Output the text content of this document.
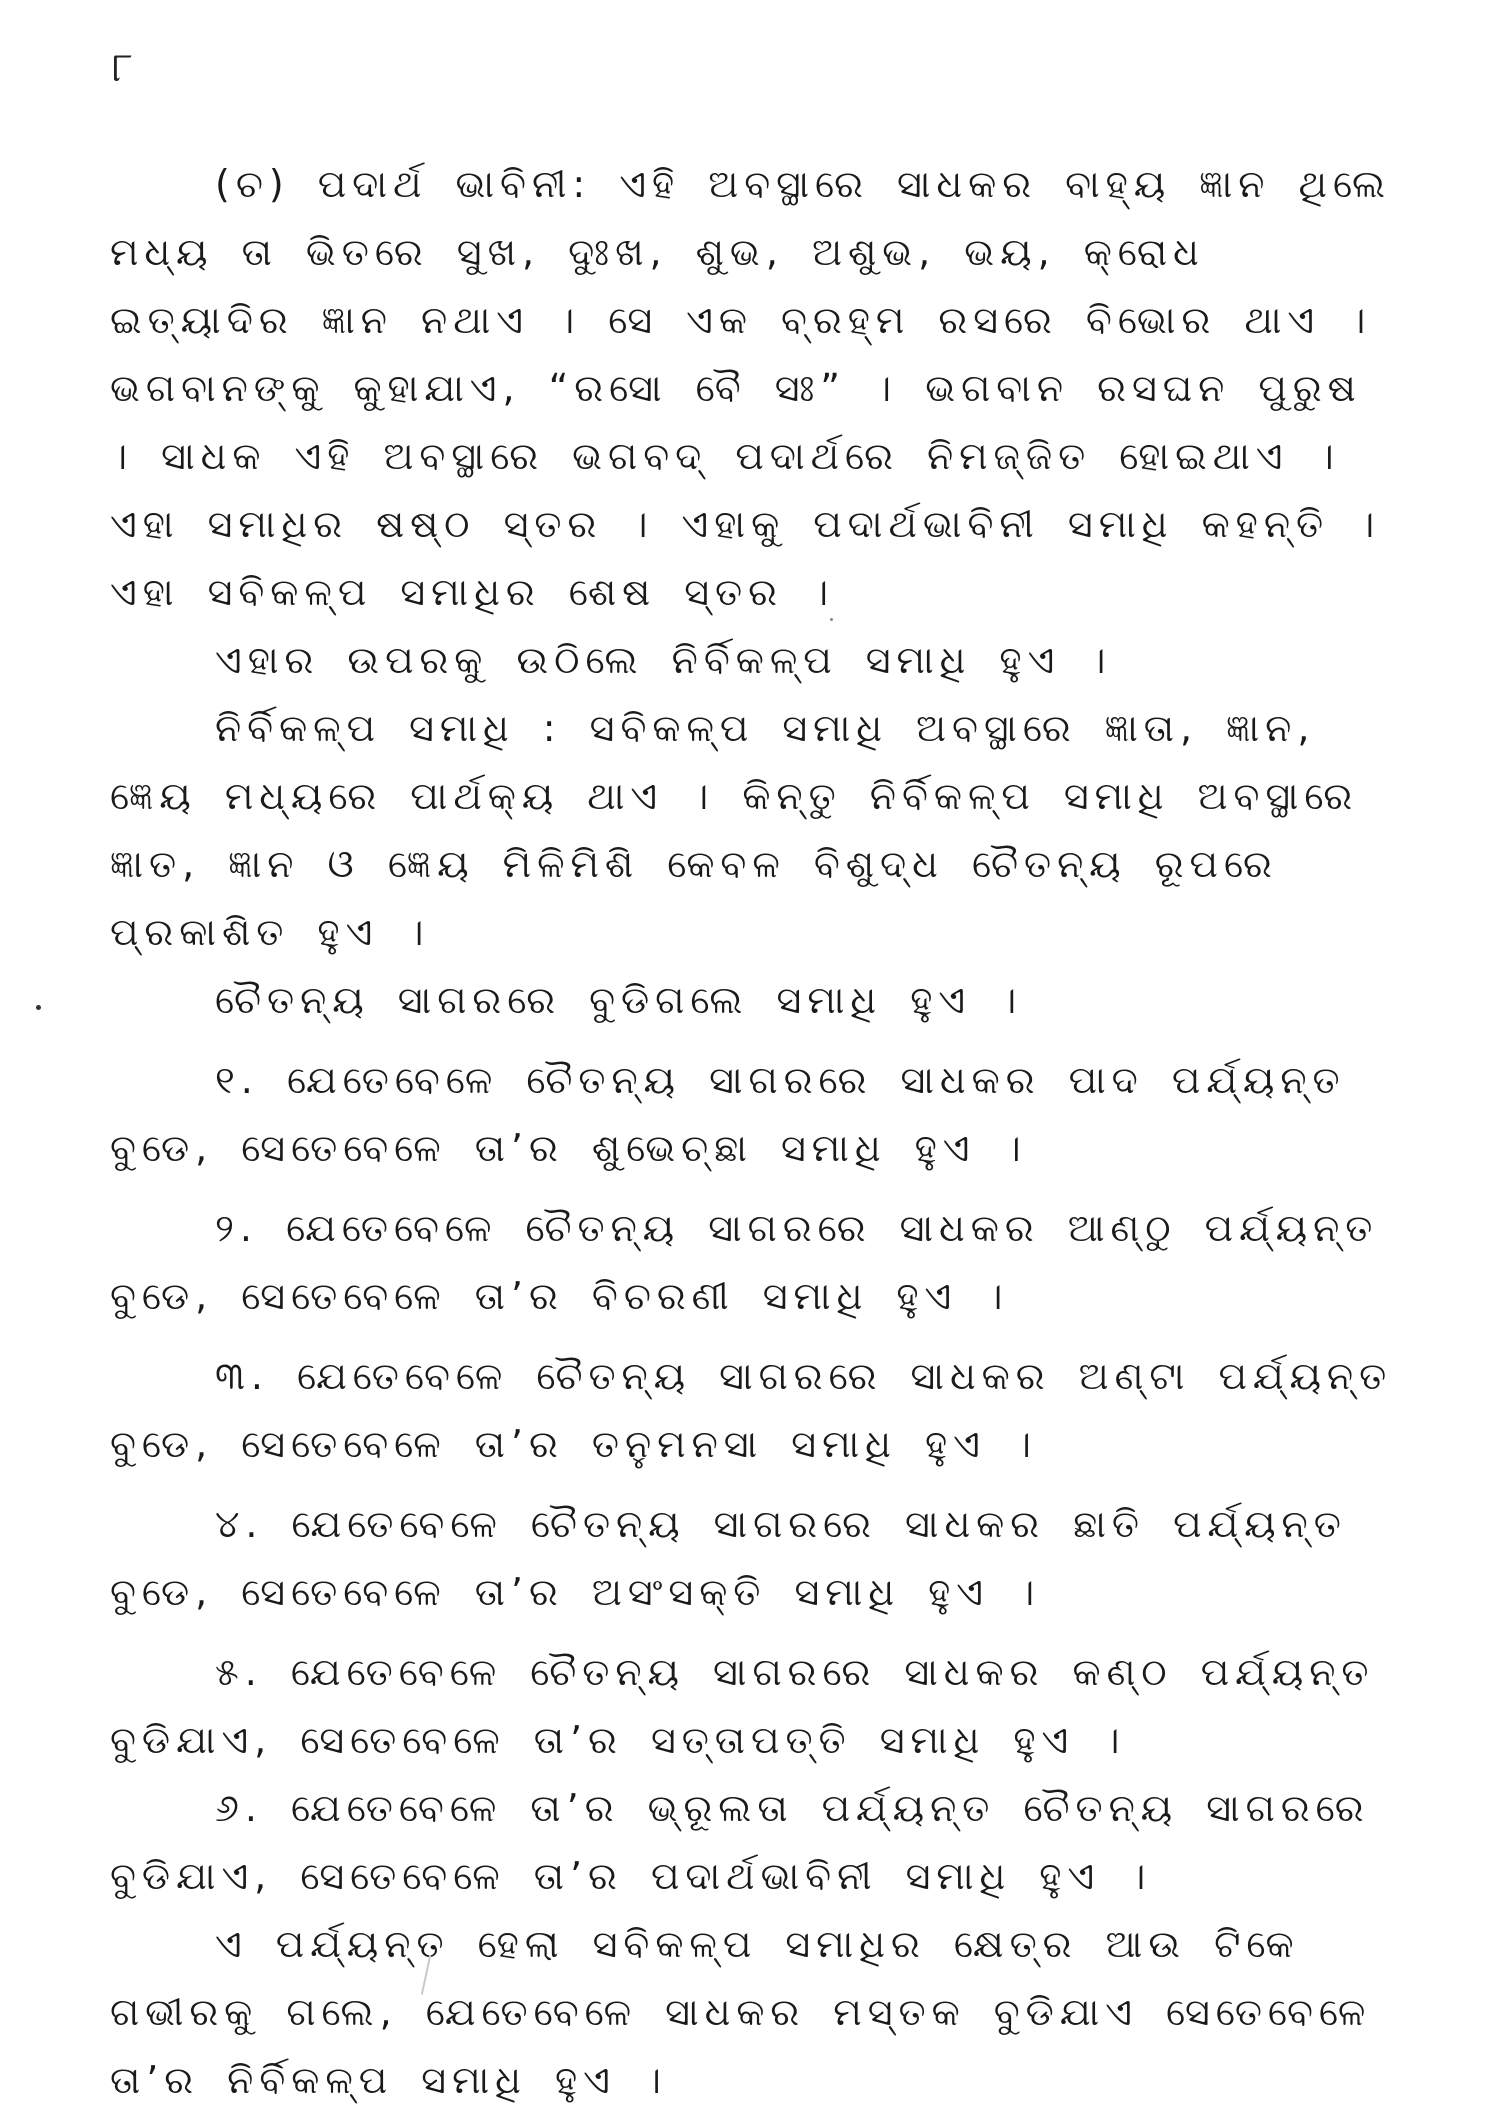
୮

(ଚ) ପଦାର୍ଥ ଭାବିନୀ: ଏହି ଅବସ୍ଥାରେ ସାଧକର ବାହ୍ୟ ଜ୍ଞାନ ଥିଲେ ମଧ୍ୟ ତା ଭିତରେ ସୁଖ, ଦୁଃଖ, ଶୁଭ, ଅଶୁଭ, ଭୟ, କ୍ରୋଧ ଇତ୍ୟାଦିର ଜ୍ଞାନ ନଥାଏ । ସେ ଏକ ବ୍ରହ୍ମ ରସରେ ବିଭୋର ଥାଏ । ଭଗବାନଙ୍କୁ କୁହାଯାଏ, “ରସୋ ବୈ ସଃ” । ଭଗବାନ ରସଘନ ପୁରୁଷ । ସାଧକ ଏହି ଅବସ୍ଥାରେ ଭଗବଦ୍ ପଦାର୍ଥରେ ନିମଜ୍ଜିତ ହୋଇଥାଏ । ଏହା ସମାଧିର ଷଷ୍ଠ ସ୍ତର । ଏହାକୁ ପଦାର୍ଥଭାବିନୀ ସମାଧି କହନ୍ତି । ଏହା ସବିକଳ୍ପ ସମାଧିର ଶେଷ ସ୍ତର ।

ଏହାର ଉପରକୁ ଉଠିଲେ ନିର୍ବିକଳ୍ପ ସମାଧି ହୁଏ ।

ନିର୍ବିକଳ୍ପ ସମାଧି : ସବିକଳ୍ପ ସମାଧି ଅବସ୍ଥାରେ ଜ୍ଞାତା, ଜ୍ଞାନ, ଜ୍ଞେୟ ମଧ୍ୟରେ ପାର୍ଥକ୍ୟ ଥାଏ । କିନ୍ତୁ ନିର୍ବିକଳ୍ପ ସମାଧି ଅବସ୍ଥାରେ ଜ୍ଞାତ, ଜ୍ଞାନ ଓ ଜ୍ଞେୟ ମିଳିମିଶି କେବଳ ବିଶୁଦ୍ଧ ଚୈତନ୍ୟ ରୂପରେ ପ୍ରକାଶିତ ହୁଏ ।

ଚୈତନ୍ୟ ସାଗରରେ ବୁଡିଗଲେ ସମାଧି ହୁଏ ।

୧. ଯେତେବେଳେ ଚୈତନ୍ୟ ସାଗରରେ ସାଧକର ପାଦ ପର୍ଯ୍ୟନ୍ତ ବୁଡେ, ସେତେବେଳେ ତା’ର ଶୁଭେଚ୍ଛା ସମାଧି ହୁଏ ।

୨. ଯେତେବେଳେ ଚୈତନ୍ୟ ସାଗରରେ ସାଧକର ଆଣ୍ଠୁ ପର୍ଯ୍ୟନ୍ତ ବୁଡେ, ସେତେବେଳେ ତା’ର ବିଚରଣୀ ସମାଧି ହୁଏ ।

୩. ଯେତେବେଳେ ଚୈତନ୍ୟ ସାଗରରେ ସାଧକର ଅଣ୍ଟା ପର୍ଯ୍ୟନ୍ତ ବୁଡେ, ସେତେବେଳେ ତା’ର ତନୁମନସା ସମାଧି ହୁଏ ।

୪. ଯେତେବେଳେ ଚୈତନ୍ୟ ସାଗରରେ ସାଧକର ଛାତି ପର୍ଯ୍ୟନ୍ତ ବୁଡେ, ସେତେବେଳେ ତା’ର ଅସଂସକ୍ତି ସମାଧି ହୁଏ ।

୫. ଯେତେବେଳେ ଚୈତନ୍ୟ ସାଗରରେ ସାଧକର କଣ୍ଠ ପର୍ଯ୍ୟନ୍ତ ବୁଡିଯାଏ, ସେତେବେଳେ ତା’ର ସତ୍ତାପତ୍ତି ସମାଧି ହୁଏ ।

୬. ଯେତେବେଳେ ତା’ର ଭ୍ରୂଲତା ପର୍ଯ୍ୟନ୍ତ ଚୈତନ୍ୟ ସାଗରରେ ବୁଡିଯାଏ, ସେତେବେଳେ ତା’ର ପଦାର୍ଥଭାବିନୀ ସମାଧି ହୁଏ ।

ଏ ପର୍ଯ୍ୟନ୍ତ ହେଲା ସବିକଳ୍ପ ସମାଧିର କ୍ଷେତ୍ର ଆଉ ଟିକେ ଗଭୀରକୁ ଗଲେ, ଯେତେବେଳେ ସାଧକର ମସ୍ତକ ବୁଡିଯାଏ ସେତେବେଳେ ତା’ର ନିର୍ବିକଳ୍ପ ସମାଧି ହୁଏ ।
